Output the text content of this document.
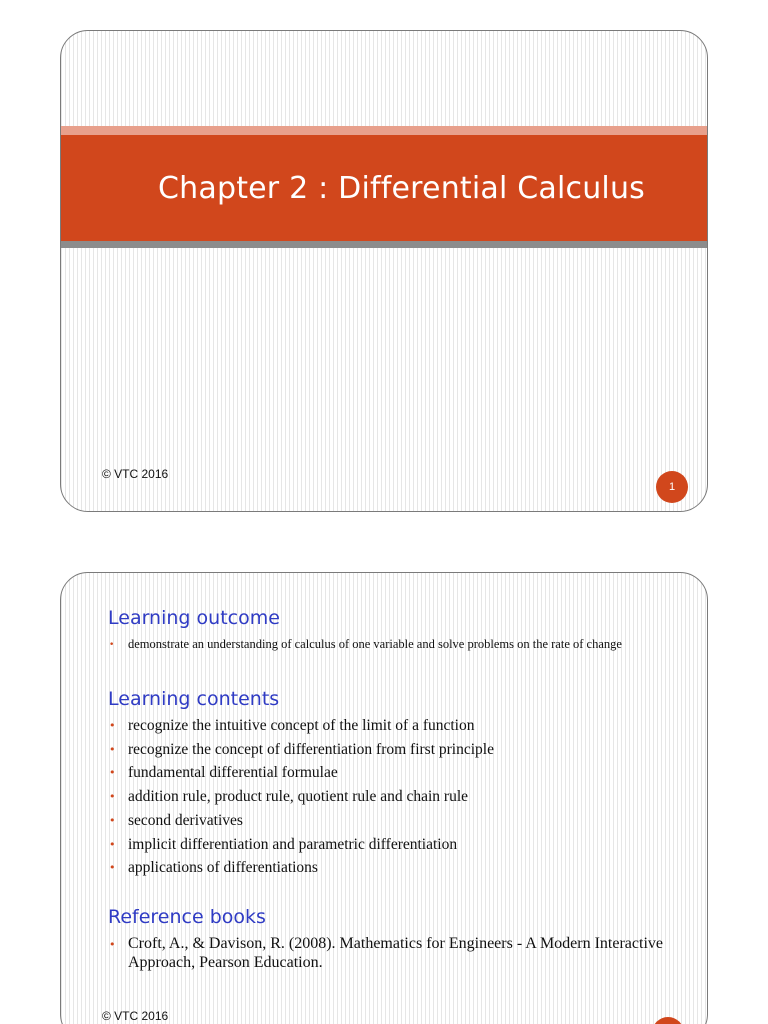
Chapter 2 : Differential Calculus
© VTC 2016
1
Learning outcome
• demonstrate an understanding of calculus of one variable and solve problems on the rate of change
Learning contents
• recognize the intuitive concept of the limit of a function
• recognize the concept of differentiation from first principle
• fundamental differential formulae
• addition rule, product rule, quotient rule and chain rule
• second derivatives
• implicit differentiation and parametric differentiation
• applications of differentiations
Reference books
• Croft, A., & Davison, R. (2008). Mathematics for Engineers - A Modern Interactive Approach, Pearson Education.
© VTC 2016
